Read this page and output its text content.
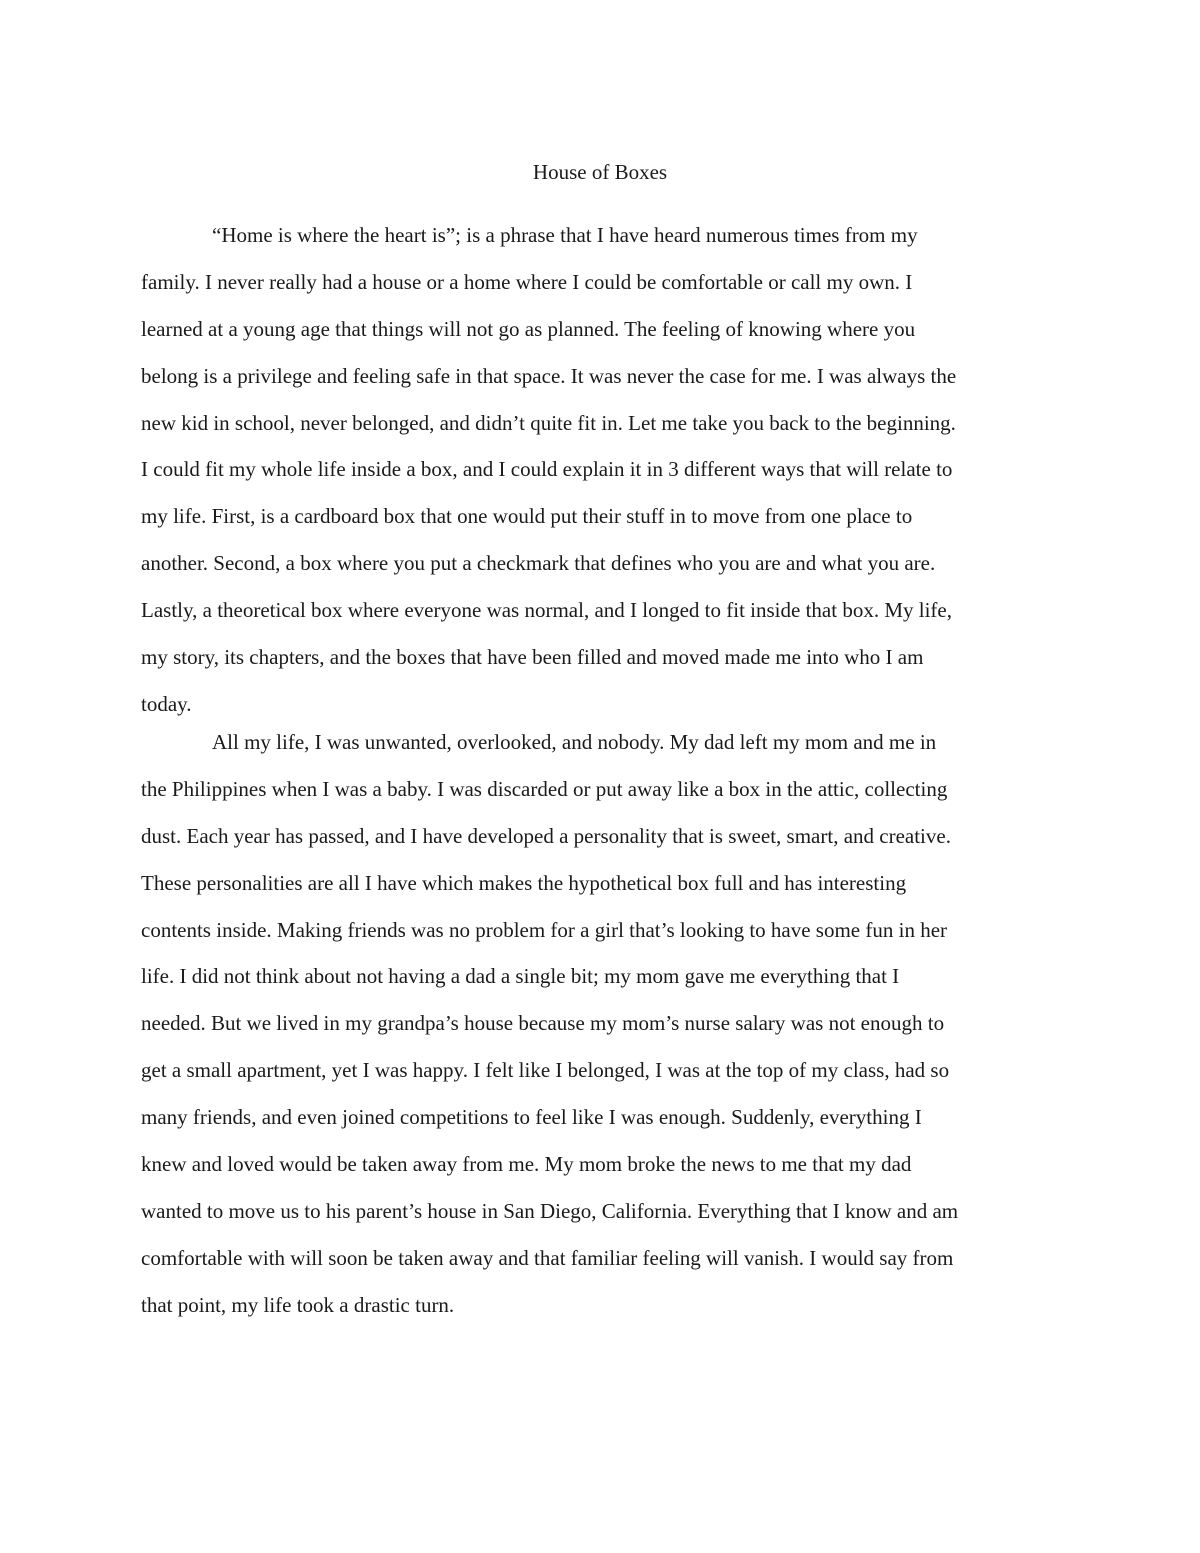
House of Boxes
“Home is where the heart is”; is a phrase that I have heard numerous times from my
family. I never really had a house or a home where I could be comfortable or call my own. I
learned at a young age that things will not go as planned. The feeling of knowing where you
belong is a privilege and feeling safe in that space. It was never the case for me. I was always the
new kid in school, never belonged, and didn’t quite fit in. Let me take you back to the beginning.
I could fit my whole life inside a box, and I could explain it in 3 different ways that will relate to
my life. First, is a cardboard box that one would put their stuff in to move from one place to
another. Second, a box where you put a checkmark that defines who you are and what you are.
Lastly, a theoretical box where everyone was normal, and I longed to fit inside that box. My life,
my story, its chapters, and the boxes that have been filled and moved made me into who I am
today.
All my life, I was unwanted, overlooked, and nobody. My dad left my mom and me in
the Philippines when I was a baby. I was discarded or put away like a box in the attic, collecting
dust. Each year has passed, and I have developed a personality that is sweet, smart, and creative.
These personalities are all I have which makes the hypothetical box full and has interesting
contents inside. Making friends was no problem for a girl that’s looking to have some fun in her
life. I did not think about not having a dad a single bit; my mom gave me everything that I
needed. But we lived in my grandpa’s house because my mom’s nurse salary was not enough to
get a small apartment, yet I was happy. I felt like I belonged, I was at the top of my class, had so
many friends, and even joined competitions to feel like I was enough. Suddenly, everything I
knew and loved would be taken away from me. My mom broke the news to me that my dad
wanted to move us to his parent’s house in San Diego, California. Everything that I know and am
comfortable with will soon be taken away and that familiar feeling will vanish. I would say from
that point, my life took a drastic turn.
